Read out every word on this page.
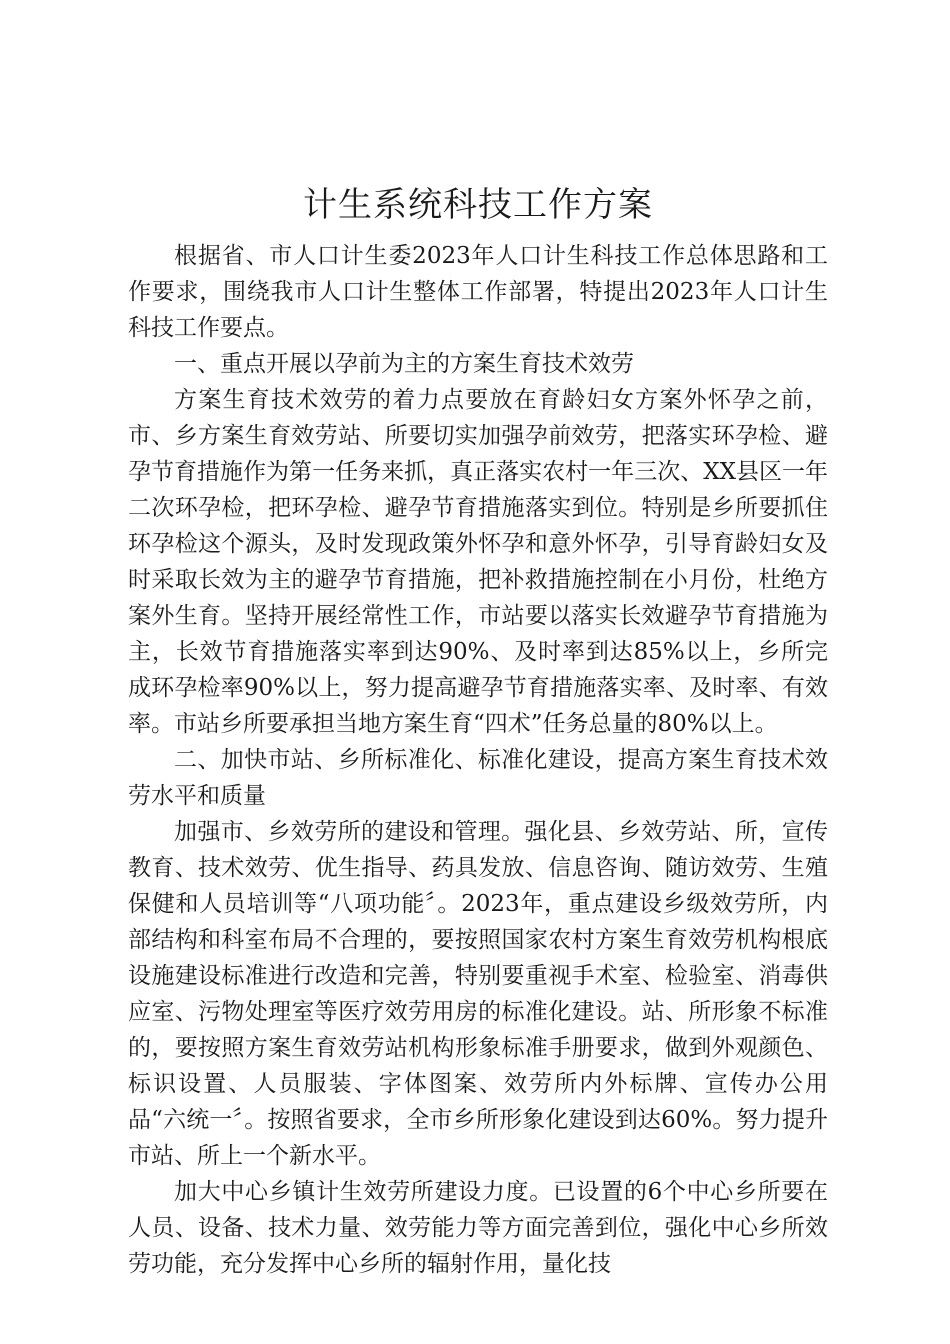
计生系统科技工作方案

根据省、市人口计生委2023年人口计生科技工作总体思路和工作要求，围绕我市人口计生整体工作部署，特提出2023年人口计生科技工作要点。

一、重点开展以孕前为主的方案生育技术效劳

方案生育技术效劳的着力点要放在育龄妇女方案外怀孕之前，市、乡方案生育效劳站、所要切实加强孕前效劳，把落实环孕检、避孕节育措施作为第一任务来抓，真正落实农村一年三次、XX县区一年二次环孕检，把环孕检、避孕节育措施落实到位。特别是乡所要抓住环孕检这个源头，及时发现政策外怀孕和意外怀孕，引导育龄妇女及时采取长效为主的避孕节育措施，把补救措施控制在小月份，杜绝方案外生育。坚持开展经常性工作，市站要以落实长效避孕节育措施为主，长效节育措施落实率到达90%、及时率到达85%以上，乡所完成环孕检率90%以上，努力提高避孕节育措施落实率、及时率、有效率。市站乡所要承担当地方案生育“四术”任务总量的80%以上。

二、加快市站、乡所标准化、标准化建设，提高方案生育技术效劳水平和质量

加强市、乡效劳所的建设和管理。强化县、乡效劳站、所，宣传教育、技术效劳、优生指导、药具发放、信息咨询、随访效劳、生殖保健和人员培训等“八项功能〞。2023年，重点建设乡级效劳所，内部结构和科室布局不合理的，要按照国家农村方案生育效劳机构根底设施建设标准进行改造和完善，特别要重视手术室、检验室、消毒供应室、污物处理室等医疗效劳用房的标准化建设。站、所形象不标准的，要按照方案生育效劳站机构形象标准手册要求，做到外观颜色、标识设置、人员服装、字体图案、效劳所内外标牌、宣传办公用品“六统一〞。按照省要求，全市乡所形象化建设到达60%。努力提升市站、所上一个新水平。

加大中心乡镇计生效劳所建设力度。已设置的6个中心乡所要在人员、设备、技术力量、效劳能力等方面完善到位，强化中心乡所效劳功能，充分发挥中心乡所的辐射作用，量化技
